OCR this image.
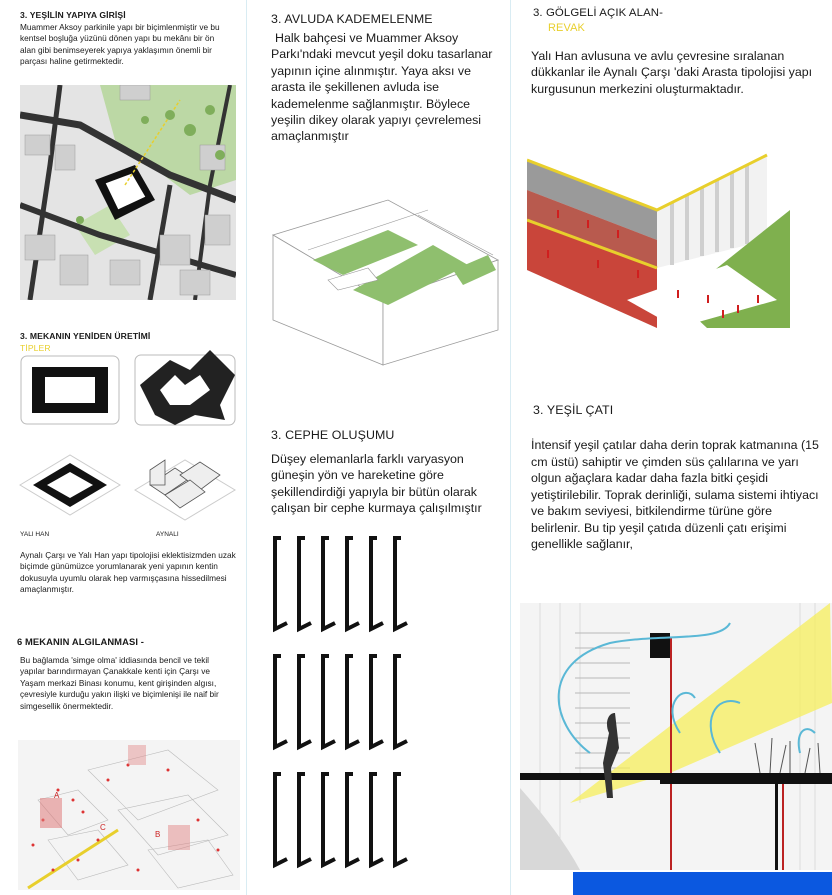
3. YEŞİLİN YAPIYA GİRİŞİ
Muammer Aksoy parkinile yapı bir biçimlenmiştir ve bu kentsel boşluğa yüzünü dönen yapı bu mekânı bir ön alan gibi benimseyerek yapıya yaklaşımın önemli bir parçası haline getirmektedir.
3. MEKANIN YENİDEN ÜRETİMİ
TİPLER
YALI HAN	AYNALI
Aynalı Çarşı ve Yalı Han yapı tipolojisi eklektisizmden uzak biçimde günümüzce yorumlanarak yeni yapının kentin dokusuyla uyumlu olarak hep varmışçasına hissedilmesi amaçlanmıştır.
6 MEKANIN ALGILANMASI -
Bu bağlamda 'simge olma' iddiasında bencil ve tekil yapılar barındırmayan Çanakkale kenti için Çarşı ve Yaşam merkazi Binası konumu, kent girişinden algısı, çevresiyle kurduğu yakın ilişki ve biçimlenişi ile naif bir simgesellik önermektedir.
A
B
C
3. AVLUDA KADEMELENME
Halk bahçesi ve Muammer Aksoy Parkı'ndaki mevcut yeşil doku tasarlanar yapının içine alınmıştır. Yaya aksı ve arasta ile şekillenen avluda ise kademelenme sağlanmıştır. Böylece yeşilin dikey olarak yapıyı çevrelemesi amaçlanmıştır
3. CEPHE OLUŞUMU
Düşey elemanlarla farklı varyasyon güneşin yön ve hareketine göre şekillendirdiği yapıyla bir bütün olarak çalışan bir cephe kurmaya çalışılmıştır
3. GÖLGELİ AÇIK ALAN-
REVAK
Yalı Han avlusuna ve avlu çevresine sıralanan dükkanlar ile Aynalı Çarşı 'daki Arasta tipolojisi yapı kurgusunun merkezini oluşturmaktadır.
3. YEŞİL ÇATI
İntensif yeşil çatılar daha derin toprak katmanına (15 cm üstü) sahiptir ve çimden süs çalılarına ve yarı olgun ağaçlara kadar daha fazla bitki çeşidi yetiştirilebilir. Toprak derinliği, sulama sistemi ihtiyacı ve bakım seviyesi, bitkilendirme türüne göre belirlenir. Bu tip yeşil çatıda düzenli çatı erişimi genellikle sağlanır,
